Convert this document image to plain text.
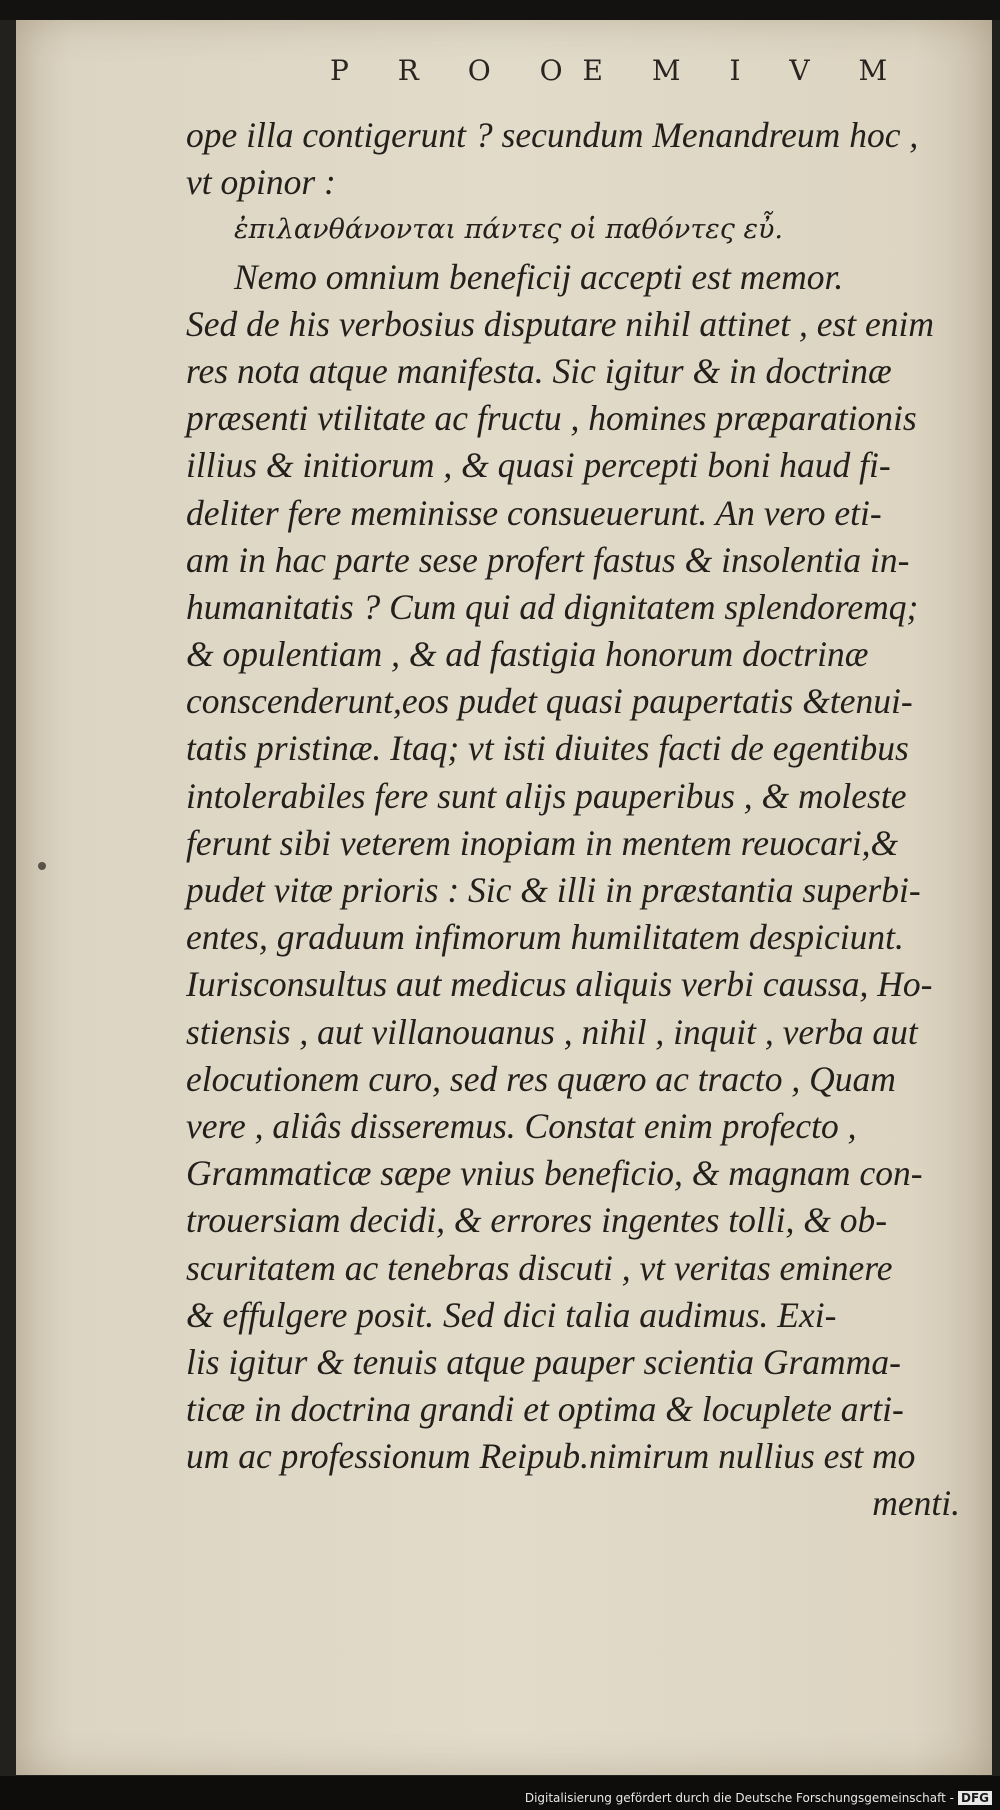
P R O OE M I V M
ope illa contigerunt ? secundum Menandreum hoc ,
vt opinor :
ἐπιλανθάνονται πάντες οἱ παθόντες εὖ.
Nemo omnium beneficij accepti est memor.
Sed de his verbosius disputare nihil attinet , est enim
res nota atque manifesta. Sic igitur & in doctrinæ
præsenti vtilitate ac fructu , homines præparationis
illius & initiorum , & quasi percepti boni haud fi-
deliter fere meminisse consueuerunt. An vero eti-
am in hac parte sese profert fastus & insolentia in-
humanitatis ? Cum qui ad dignitatem splendoremq;
& opulentiam , & ad fastigia honorum doctrinæ
conscenderunt,eos pudet quasi paupertatis &tenui-
tatis pristinæ. Itaq; vt isti diuites facti de egentibus
intolerabiles fere sunt alijs pauperibus , & moleste
ferunt sibi veterem inopiam in mentem reuocari,&
pudet vitæ prioris : Sic & illi in præstantia superbi-
entes, graduum infimorum humilitatem despiciunt.
Iurisconsultus aut medicus aliquis verbi caussa, Ho-
stiensis , aut villanouanus , nihil , inquit , verba aut
elocutionem curo, sed res quæro ac tracto , Quam
vere , aliâs disseremus. Constat enim profecto ,
Grammaticæ sæpe vnius beneficio, & magnam con-
trouersiam decidi, & errores ingentes tolli, & ob-
scuritatem ac tenebras discuti , vt veritas eminere
& effulgere posit. Sed dici talia audimus. Exi-
lis igitur & tenuis atque pauper scientia Gramma-
ticæ in doctrina grandi et optima & locuplete arti-
um ac professionum Reipub.nimirum nullius est mo
menti.
Digitalisierung gefördert durch die Deutsche Forschungsgemeinschaft - DFG
